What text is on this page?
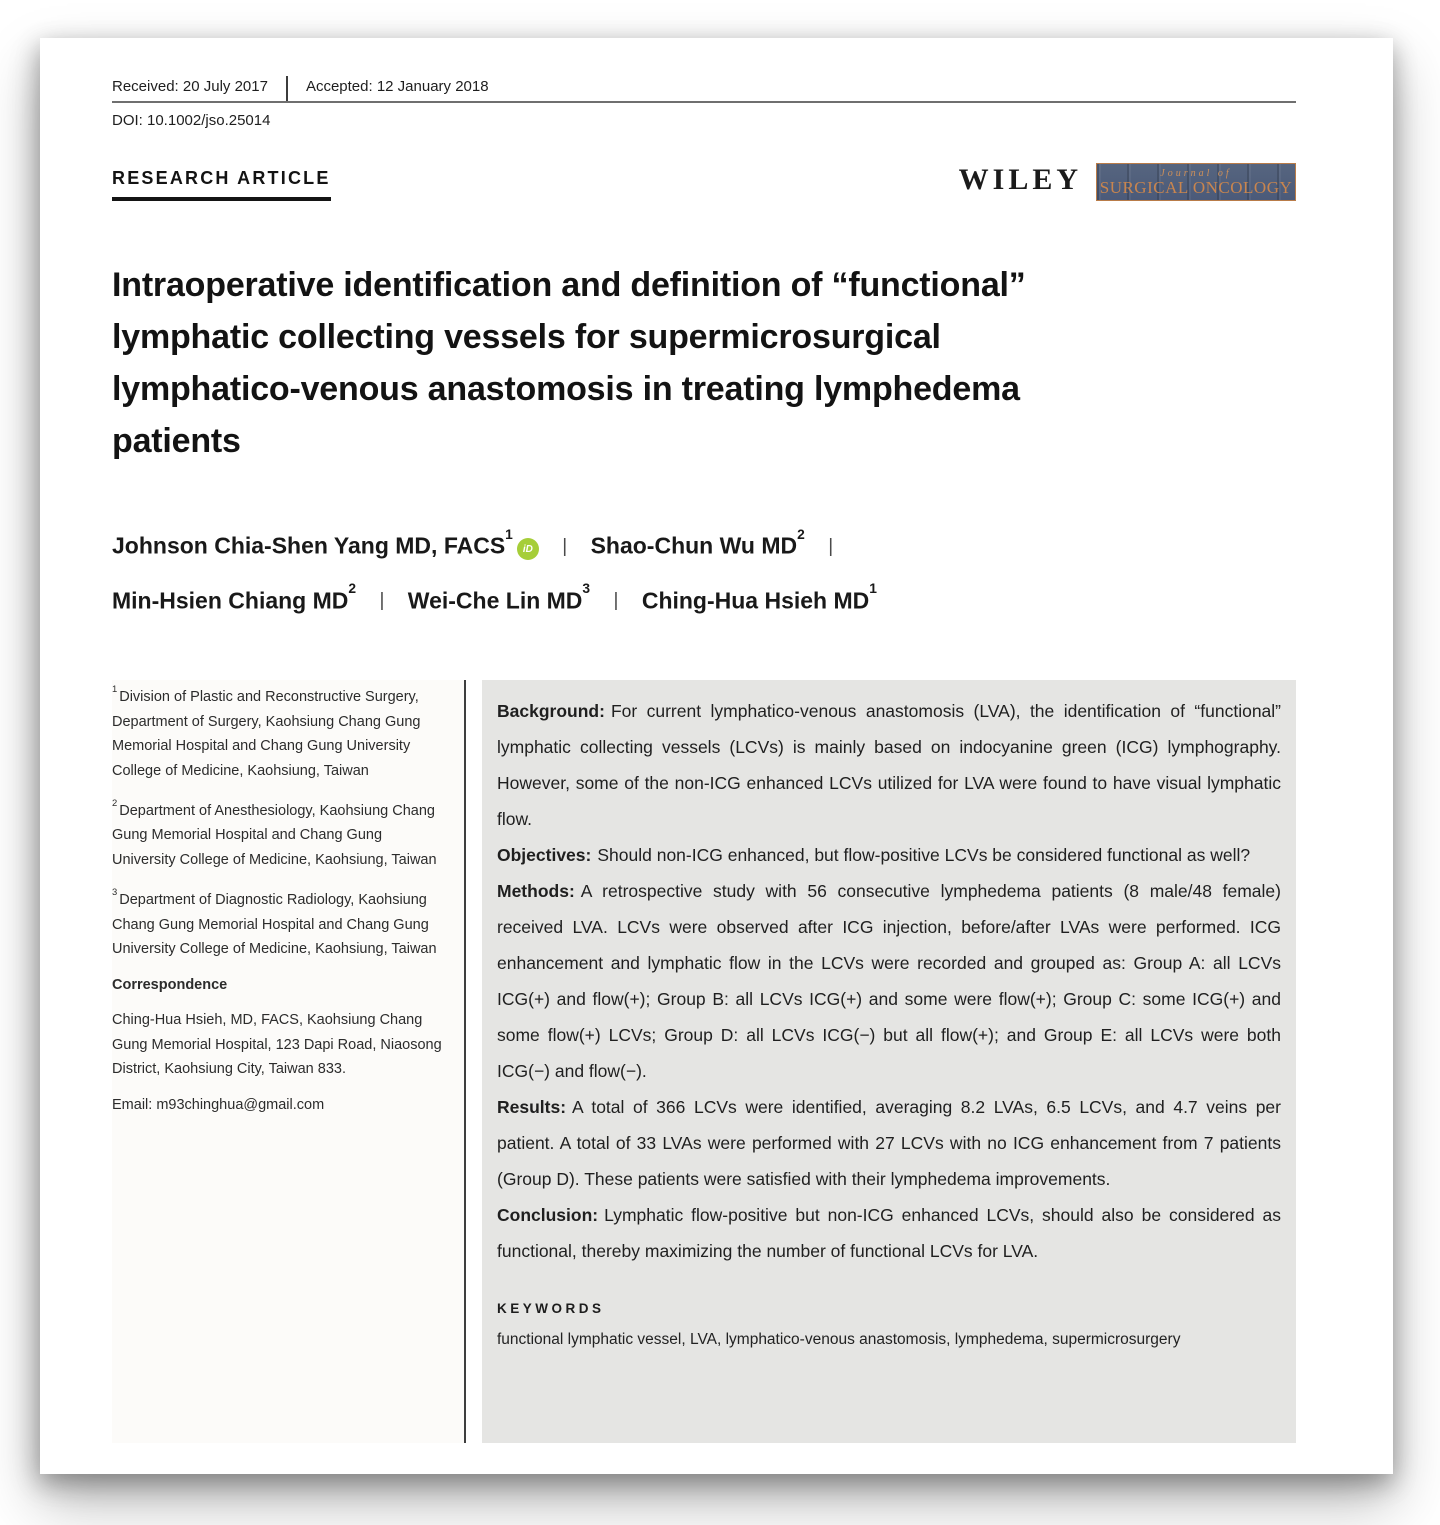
Received: 20 July 2017	Accepted: 12 January 2018
DOI: 10.1002/jso.25014
RESEARCH ARTICLE	WILEY	Journal of
SURGICAL ONCOLOGY
Intraoperative identification and definition of “functional”
lymphatic collecting vessels for supermicrosurgical
lymphatico-venous anastomosis in treating lymphedema
patients
Johnson Chia-Shen Yang MD, FACS$^1$iD | Shao-Chun Wu $MD^2$ |
Min-Hsien Chiang $MD^2$ | Wei-Che Lin $MD^3$ | Ching-Hua Hsieh $MD^1$

$^1$Division of Plastic and Reconstructive Surgery, Department of Surgery, Kaohsiung Chang Gung Memorial Hospital and Chang Gung University College of Medicine, Kaohsiung, Taiwan

$^2$Department of Anesthesiology, Kaohsiung Chang Gung Memorial Hospital and Chang Gung University College of Medicine, Kaohsiung, Taiwan

$^3$Department of Diagnostic Radiology, Kaohsiung Chang Gung Memorial Hospital and Chang Gung University College of Medicine, Kaohsiung, Taiwan

Correspondence

Ching-Hua Hsieh, MD, FACS, Kaohsiung Chang Gung Memorial Hospital, 123 Dapi Road, Niaosong District, Kaohsiung City, Taiwan 833.

Email: m93chinghua@gmail.com

Background: For current lymphatico-venous anastomosis (LVA), the identification of “functional” lymphatic collecting vessels (LCVs) is mainly based on indocyanine green (ICG) lymphography. However, some of the non-ICG enhanced LCVs utilized for LVA were found to have visual lymphatic flow.

Objectives: Should non-ICG enhanced, but flow-positive LCVs be considered functional as well?

Methods: A retrospective study with 56 consecutive lymphedema patients (8 male/48 female) received LVA. LCVs were observed after ICG injection, before/after LVAs were performed. ICG enhancement and lymphatic flow in the LCVs were recorded and grouped as: Group A: all LCVs ICG(+) and flow(+); Group B: all LCVs ICG(+) and some were flow(+); Group C: some ICG(+) and some flow(+) LCVs; Group D: all LCVs ICG(−) but all flow(+); and Group E: all LCVs were both ICG(−) and flow(−).

Results: A total of 366 LCVs were identified, averaging 8.2 LVAs, 6.5 LCVs, and 4.7 veins per patient. A total of 33 LVAs were performed with 27 LCVs with no ICG enhancement from 7 patients (Group D). These patients were satisfied with their lymphedema improvements.

Conclusion: Lymphatic flow-positive but non-ICG enhanced LCVs, should also be considered as functional, thereby maximizing the number of functional LCVs for LVA.

KEYWORDS
functional lymphatic vessel, LVA, lymphatico-venous anastomosis, lymphedema, supermicrosurgery
